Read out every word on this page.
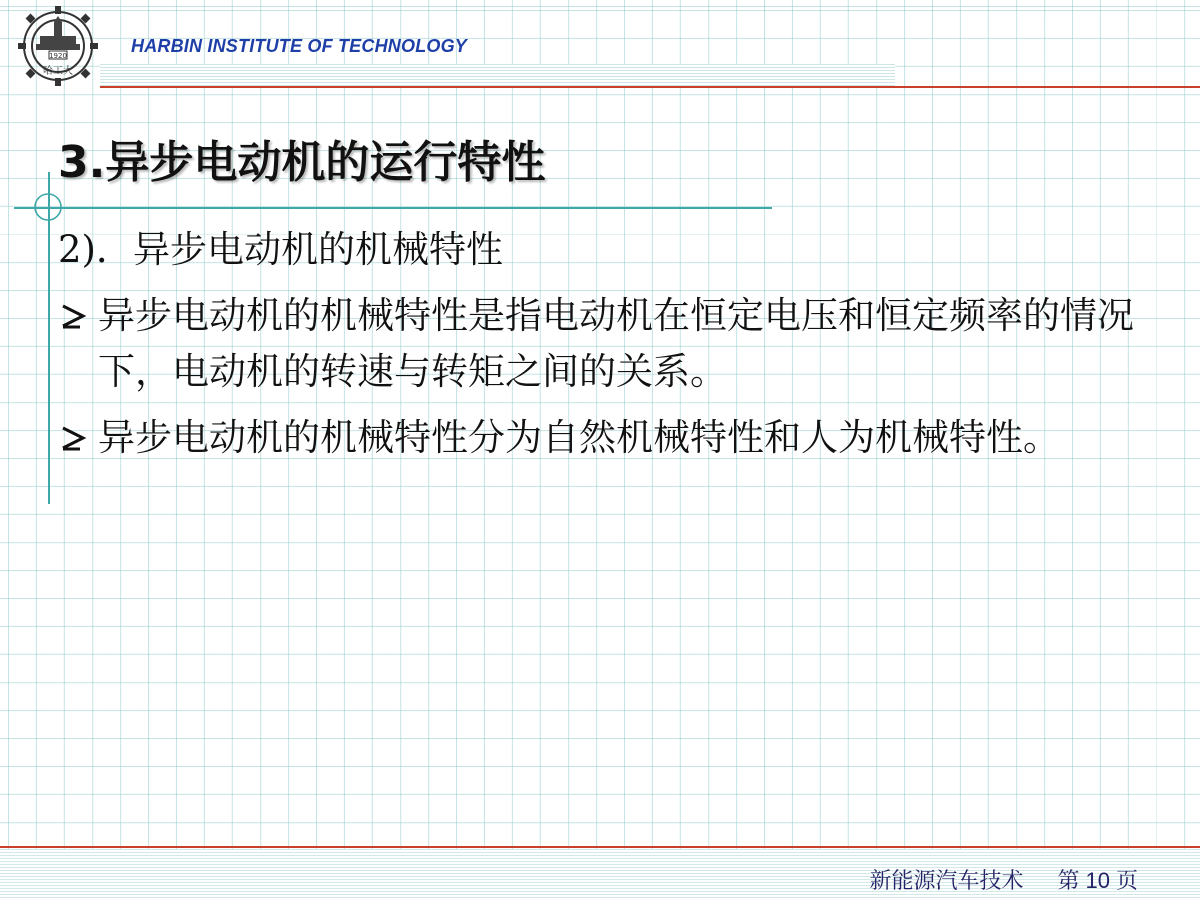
1920
哈工大
HARBIN INSTITUTE OF TECHNOLOGY
3.异步电动机的运行特性
2)．异步电动机的机械特性
异步电动机的机械特性是指电动机在恒定电压和恒定频率的情况下，电动机的转速与转矩之间的关系。
异步电动机的机械特性分为自然机械特性和人为机械特性。
新能源汽车技术 第 10 页
